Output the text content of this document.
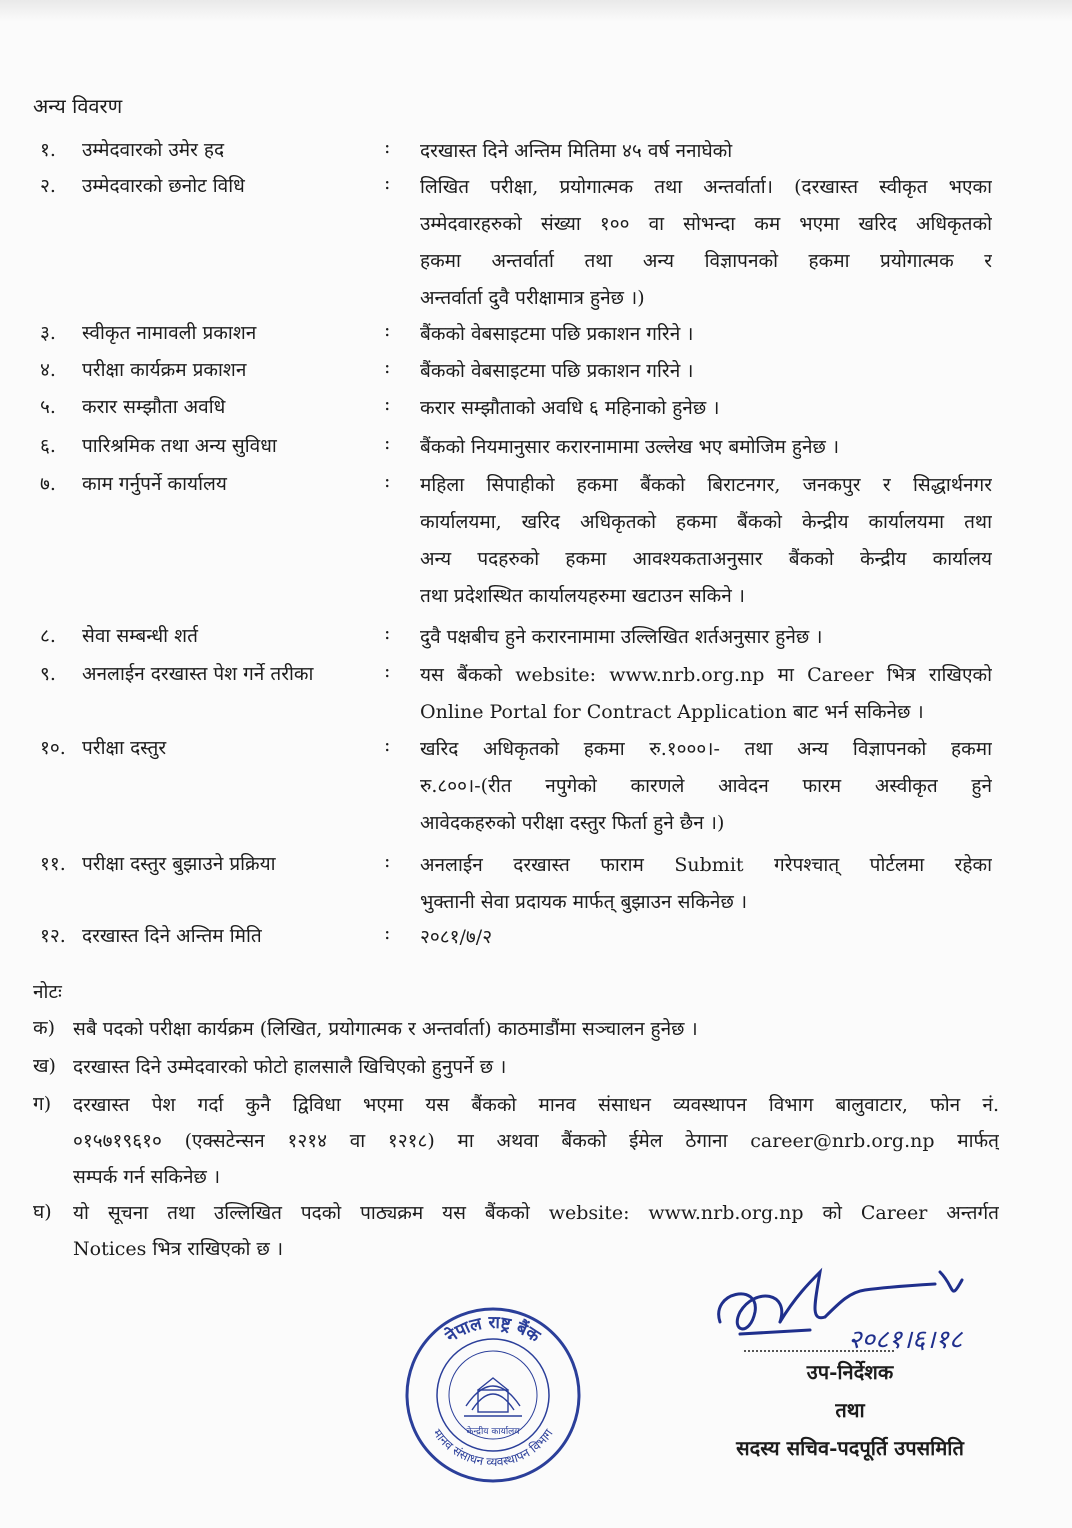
अन्य विवरण
१. उम्मेदवारको उमेर हद	: दरखास्त दिने अन्तिम मितिमा ४५ वर्ष ननाघेको
२. उम्मेदवारको छनोट विधि	: लिखित परीक्षा, प्रयोगात्मक तथा अन्तर्वार्ता। (दरखास्त स्वीकृत भएका
उम्मेदवारहरुको संख्या १०० वा सोभन्दा कम भएमा खरिद अधिकृतको
हकमा अन्तर्वार्ता तथा अन्य विज्ञापनको हकमा प्रयोगात्मक र
अन्तर्वार्ता दुवै परीक्षामात्र हुनेछ ।)
३. स्वीकृत नामावली प्रकाशन	: बैंकको वेबसाइटमा पछि प्रकाशन गरिने ।
४. परीक्षा कार्यक्रम प्रकाशन	: बैंकको वेबसाइटमा पछि प्रकाशन गरिने ।
५. करार सम्झौता अवधि	: करार सम्झौताको अवधि ६ महिनाको हुनेछ ।
६. पारिश्रमिक तथा अन्य सुविधा	: बैंकको नियमानुसार करारनामामा उल्लेख भए बमोजिम हुनेछ ।
७. काम गर्नुपर्ने कार्यालय	: महिला सिपाहीको हकमा बैंकको बिराटनगर, जनकपुर र सिद्धार्थनगर
कार्यालयमा, खरिद अधिकृतको हकमा बैंकको केन्द्रीय कार्यालयमा तथा
अन्य पदहरुको हकमा आवश्यकताअनुसार बैंकको केन्द्रीय कार्यालय
तथा प्रदेशस्थित कार्यालयहरुमा खटाउन सकिने ।
८. सेवा सम्बन्धी शर्त	: दुवै पक्षबीच हुने करारनामामा उल्लिखित शर्तअनुसार हुनेछ ।
९. अनलाईन दरखास्त पेश गर्ने तरीका	: यस बैंकको website: www.nrb.org.np मा Career भित्र राखिएको
Online Portal for Contract Application बाट भर्न सकिनेछ ।
१०. परीक्षा दस्तुर	: खरिद अधिकृतको हकमा रु.१०००।- तथा अन्य विज्ञापनको हकमा
रु.८००।-(रीत नपुगेको कारणले आवेदन फारम अस्वीकृत हुने
आवेदकहरुको परीक्षा दस्तुर फिर्ता हुने छैन ।)
११. परीक्षा दस्तुर बुझाउने प्रक्रिया	: अनलाईन दरखास्त फाराम Submit गरेपश्चात् पोर्टलमा रहेका
भुक्तानी सेवा प्रदायक मार्फत् बुझाउन सकिनेछ ।
१२. दरखास्त दिने अन्तिम मिति	: २०८१/७/२
नोटः
क) सबै पदको परीक्षा कार्यक्रम (लिखित, प्रयोगात्मक र अन्तर्वार्ता) काठमाडौंमा सञ्चालन हुनेछ ।
ख) दरखास्त दिने उम्मेदवारको फोटो हालसालै खिचिएको हुनुपर्ने छ ।
ग) दरखास्त पेश गर्दा कुनै द्विविधा भएमा यस बैंकको मानव संसाधन व्यवस्थापन विभाग बालुवाटार, फोन नं.
०१५७१९६१० (एक्सटेन्सन १२१४ वा १२१८) मा अथवा बैंकको ईमेल ठेगाना career@nrb.org.np मार्फत्
सम्पर्क गर्न सकिनेछ ।
घ) यो सूचना तथा उल्लिखित पदको पाठ्यक्रम यस बैंकको website: www.nrb.org.np को Career अन्तर्गत
Notices भित्र राखिएको छ ।
नेपाल राष्ट्र बैंक
मानव संसाधन व्यवस्थापन विभाग
केन्द्रीय कार्यालय
२०८१।६।१८
उप-निर्देशक
तथा
सदस्य सचिव-पदपूर्ति उपसमिति
